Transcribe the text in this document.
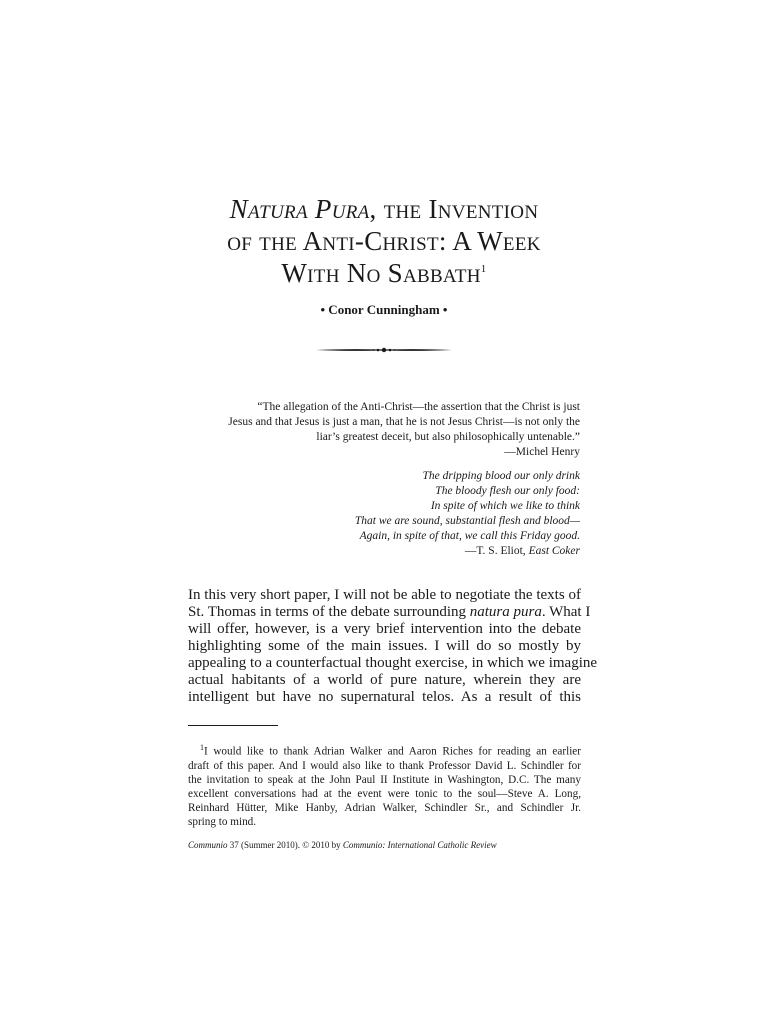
Natura Pura, the Invention
of the Anti-Christ: A Week
With No Sabbath$^1$
• Conor Cunningham •
“The allegation of the Anti-Christ—the assertion that the Christ is just
Jesus and that Jesus is just a man, that he is not Jesus Christ—is not only the
liar’s greatest deceit, but also philosophically untenable.”
—Michel Henry
The dripping blood our only drink
The bloody flesh our only food:
In spite of which we like to think
That we are sound, substantial flesh and blood—
Again, in spite of that, we call this Friday good.
—T. S. Eliot, East Coker
In this very short paper, I will not be able to negotiate the texts of
St. Thomas in terms of the debate surrounding natura pura. What I
will offer, however, is a very brief intervention into the debate
highlighting some of the main issues. I will do so mostly by
appealing to a counterfactual thought exercise, in which we imagine
actual habitants of a world of pure nature, wherein they are
intelligent but have no supernatural telos. As a result of this
$^1$I would like to thank Adrian Walker and Aaron Riches for reading an earlier
draft of this paper. And I would also like to thank Professor David L. Schindler for
the invitation to speak at the John Paul II Institute in Washington, D.C. The many
excellent conversations had at the event were tonic to the soul—Steve A. Long,
Reinhard Hütter, Mike Hanby, Adrian Walker, Schindler Sr., and Schindler Jr.
spring to mind.
Communio 37 (Summer 2010). © 2010 by Communio: International Catholic Review
